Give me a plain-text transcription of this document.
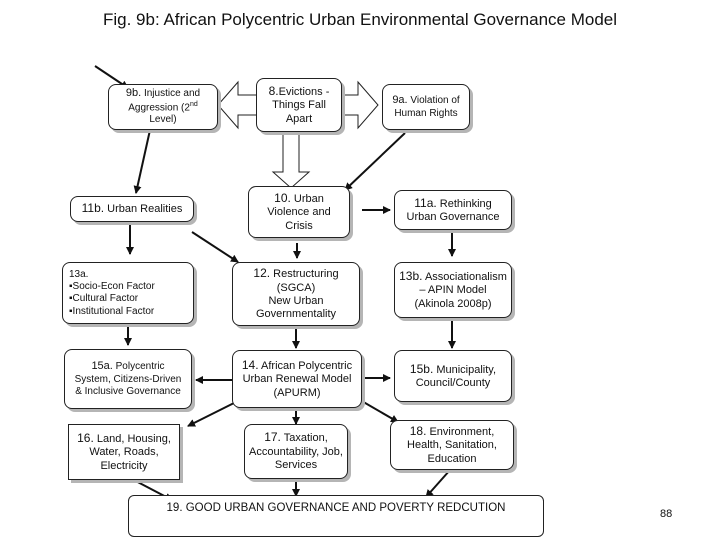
Fig. 9b: African Polycentric Urban Environmental Governance Model
9b. Injustice and Aggression (2nd
Level)
8.Evictions -
Things Fall Apart
9a. Violation of Human Rights
11b. Urban Realities
10. Urban Violence and Crisis
11a. Rethinking Urban Governance
13a.
▪Socio-Econ Factor
▪Cultural Factor
▪Institutional Factor
12. Restructuring
(SGCA)
New Urban Governmentality
13b. Associationalism
– APIN Model
(Akinola 2008p)
15a. Polycentric System, Citizens-Driven & Inclusive Governance
14. African Polycentric Urban Renewal Model (APURM)
15b. Municipality, Council/County
16. Land, Housing, Water, Roads, Electricity
17. Taxation, Accountability, Job, Services
18. Environment, Health, Sanitation, Education
19. GOOD URBAN GOVERNANCE AND POVERTY REDCUTION	88
